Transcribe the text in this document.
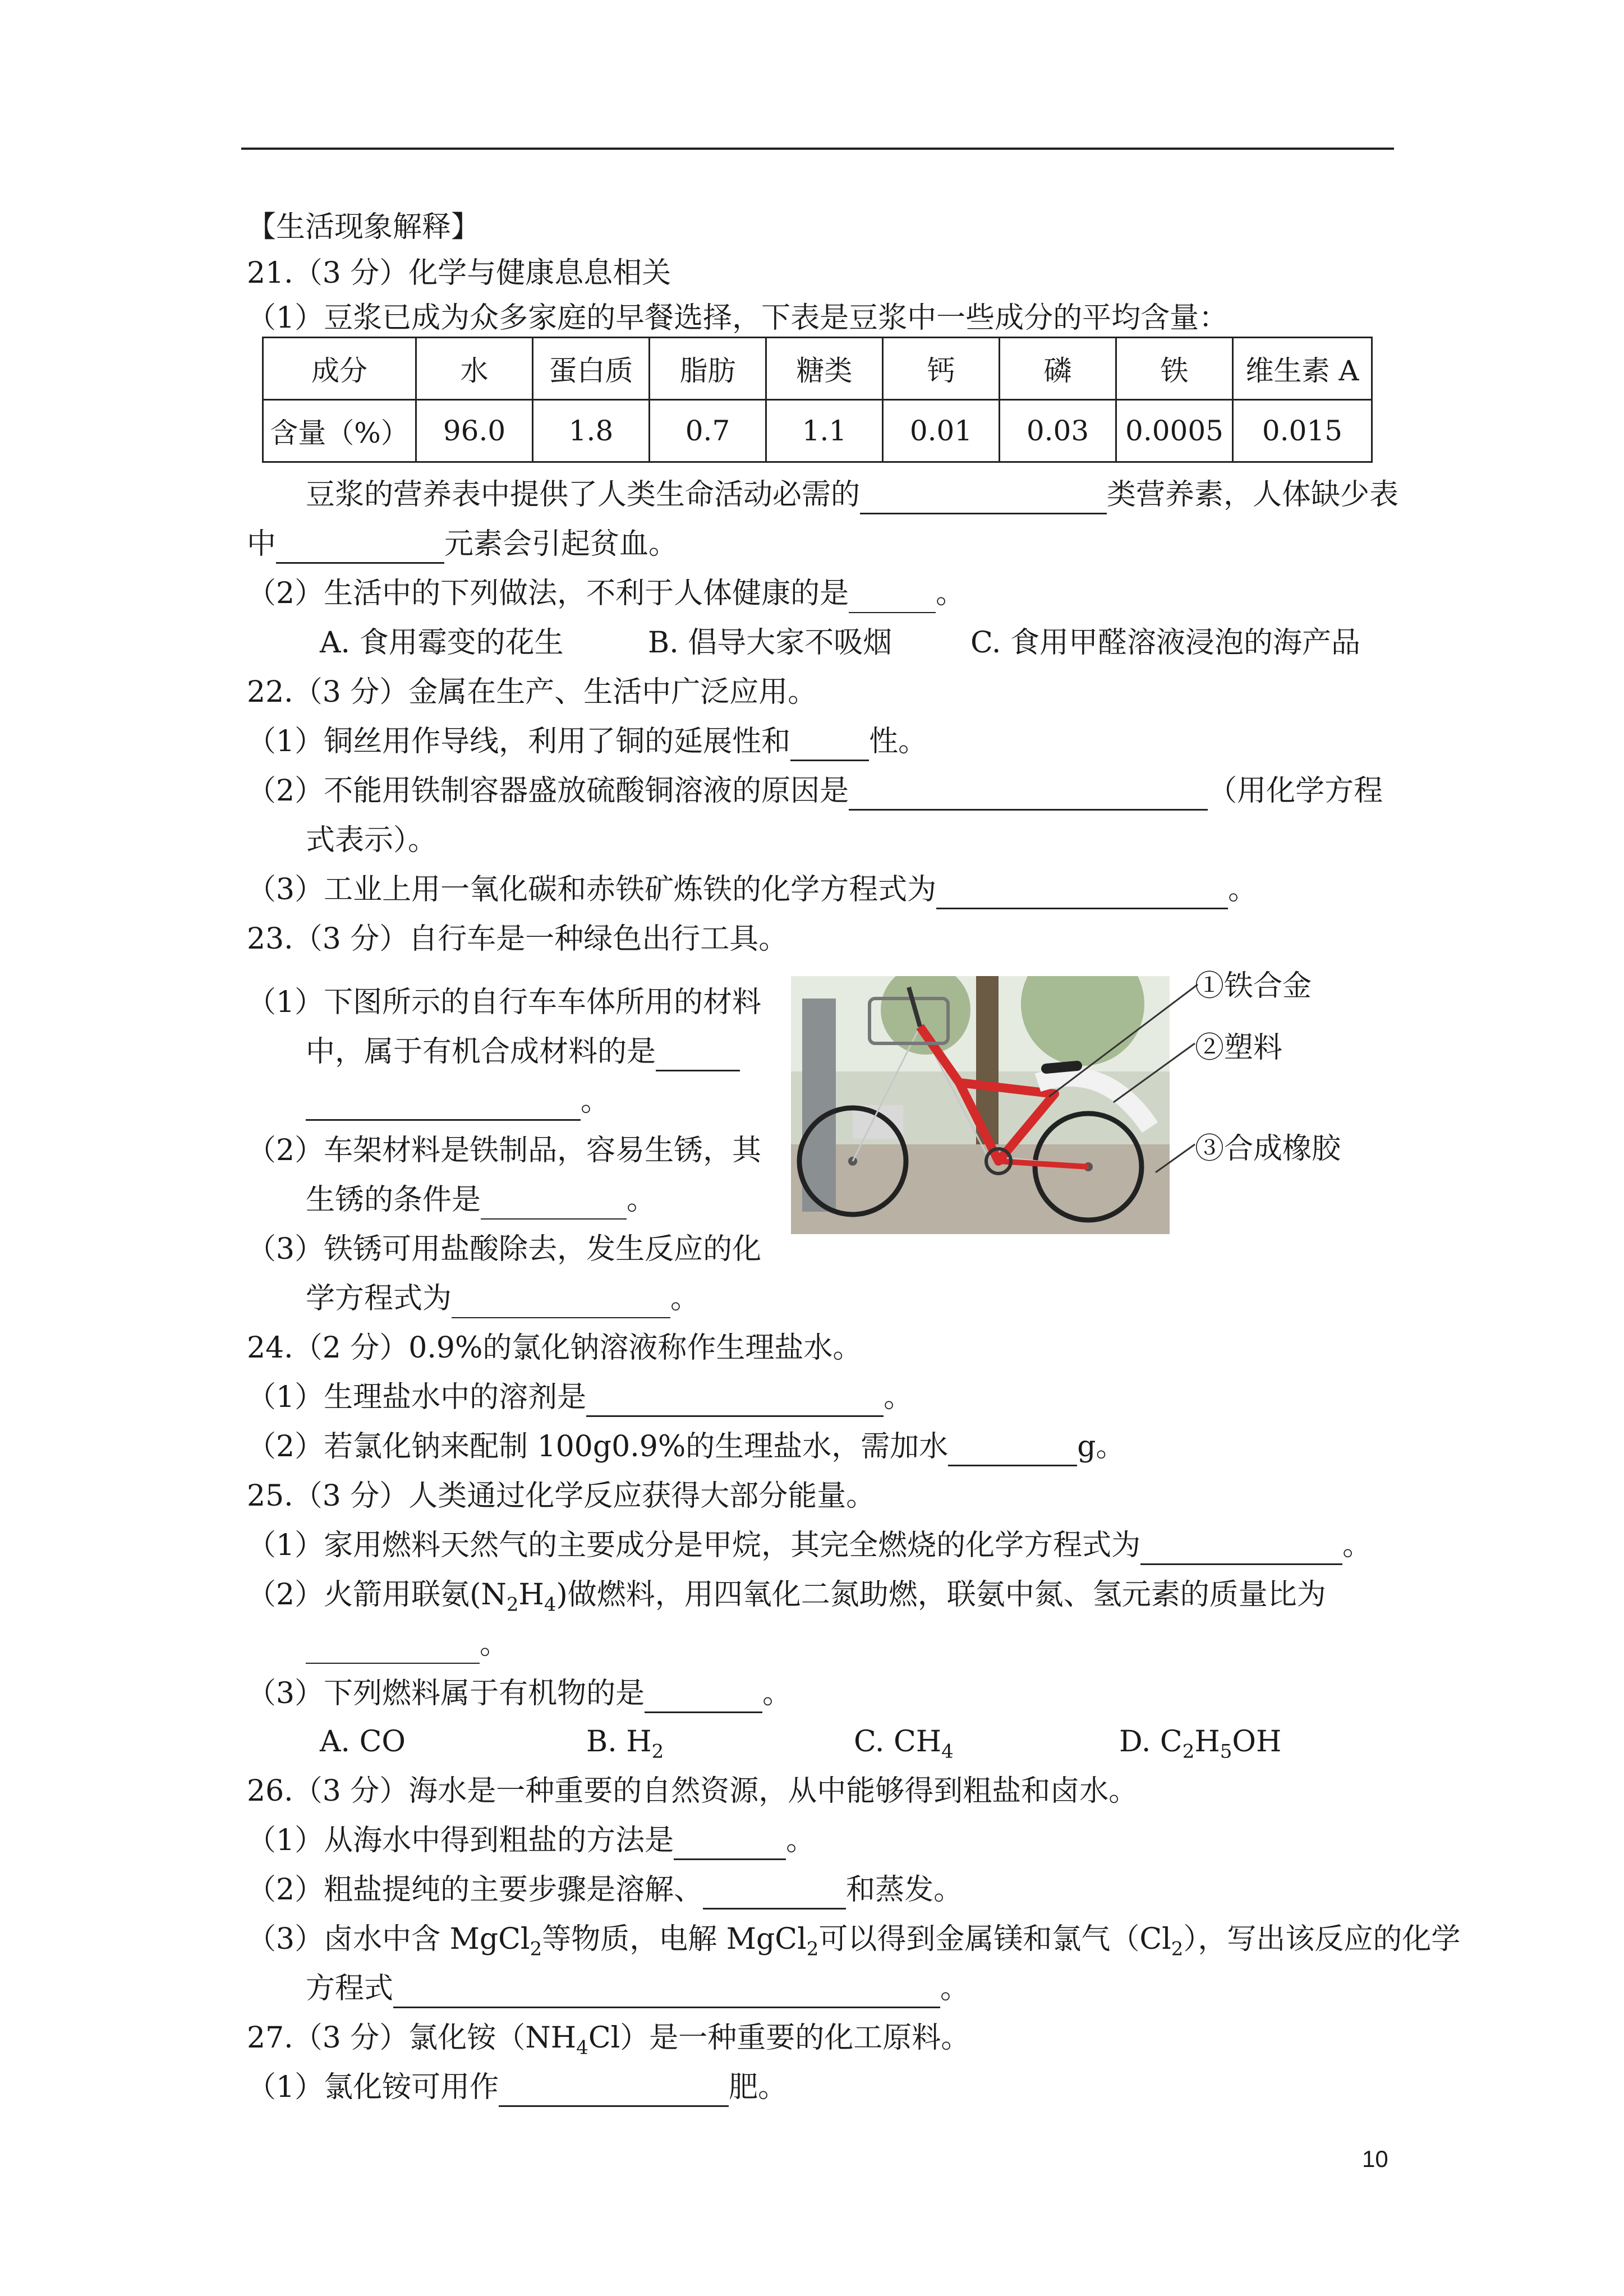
【生活现象解释】
21.（3 分）化学与健康息息相关
（1）豆浆已成为众多家庭的早餐选择，下表是豆浆中一些成分的平均含量：
成分	水	蛋白质	脂肪	糖类	钙	磷	铁	维生素 A
含量（%）	96.0	1.8	0.7	1.1	0.01	0.03	0.0005	0.015
豆浆的营养表中提供了人类生命活动必需的	类营养素，人体缺少表
中	元素会引起贫血。
（2）生活中的下列做法，不利于人体健康的是	。
A. 食用霉变的花生	B. 倡导大家不吸烟	C. 食用甲醛溶液浸泡的海产品
22.（3 分）金属在生产、生活中广泛应用。
（1）铜丝用作导线，利用了铜的延展性和	性。
（2）不能用铁制容器盛放硫酸铜溶液的原因是	（用化学方程
式表示）。
（3）工业上用一氧化碳和赤铁矿炼铁的化学方程式为	。
23.（3 分）自行车是一种绿色出行工具。
（1）下图所示的自行车车体所用的材料
中，属于有机合成材料的是
。
（2）车架材料是铁制品，容易生锈，其
生锈的条件是	。
（3）铁锈可用盐酸除去，发生反应的化
学方程式为	。
①铁合金
②塑料
③合成橡胶
24.（2 分）0.9%的氯化钠溶液称作生理盐水。
（1）生理盐水中的溶剂是	。
（2）若氯化钠来配制 100g0.9%的生理盐水，需加水	g。
25.（3 分）人类通过化学反应获得大部分能量。
（1）家用燃料天然气的主要成分是甲烷，其完全燃烧的化学方程式为	。
（2）火箭用联氨$(N_2H_4)$做燃料，用四氧化二氮助燃，联氨中氮、氢元素的质量比为
。
（3）下列燃料属于有机物的是	。
A. CO	B. $H_2$	C. $CH_4$	D. $C_2H_5OH$
26.（3 分）海水是一种重要的自然资源，从中能够得到粗盐和卤水。
（1）从海水中得到粗盐的方法是	。
（2）粗盐提纯的主要步骤是溶解、	和蒸发。
（3）卤水中含 MgCl$_2$等物质，电解 MgCl$_2$可以得到金属镁和氯气$(Cl_2)$，写出该反应的化学
方程式	。
27.（3 分）氯化铵$(NH_4Cl)$是一种重要的化工原料。
（1）氯化铵可用作	肥。
10
